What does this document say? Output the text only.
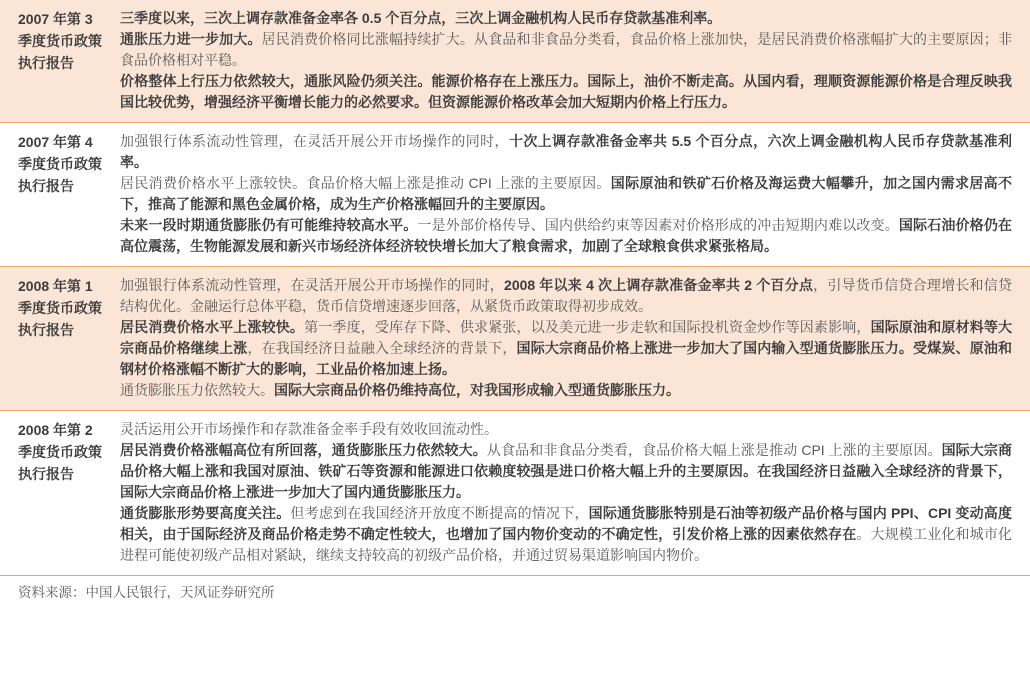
2007 年第 3 季度货币政策执行报告
三季度以来，三次上调存款准备金率各 0.5 个百分点，三次上调金融机构人民币存贷款基准利率。
通胀压力进一步加大。居民消费价格同比涨幅持续扩大。从食品和非食品分类看，食品价格上涨加快，是居民消费价格涨幅扩大的主要原因；非食品价格相对平稳。
价格整体上行压力依然较大，通胀风险仍须关注。能源价格存在上涨压力。国际上，油价不断走高。从国内看，理顺资源能源价格是合理反映我国比较优势，增强经济平衡增长能力的必然要求。但资源能源价格改革会加大短期内价格上行压力。
2007 年第 4 季度货币政策执行报告
加强银行体系流动性管理，在灵活开展公开市场操作的同时，十次上调存款准备金率共 5.5 个百分点，六次上调金融机构人民币存贷款基准利率。
居民消费价格水平上涨较快。食品价格大幅上涨是推动 CPI 上涨的主要原因。国际原油和铁矿石价格及海运费大幅攀升，加之国内需求居高不下，推高了能源和黑色金属价格，成为生产价格涨幅回升的主要原因。
未来一段时期通货膨胀仍有可能维持较高水平。一是外部价格传导、国内供给约束等因素对价格形成的冲击短期内难以改变。国际石油价格仍在高位震荡，生物能源发展和新兴市场经济体经济较快增长加大了粮食需求，加剧了全球粮食供求紧张格局。
2008 年第 1 季度货币政策执行报告
加强银行体系流动性管理，在灵活开展公开市场操作的同时，2008 年以来 4 次上调存款准备金率共 2 个百分点，引导货币信贷合理增长和信贷结构优化。金融运行总体平稳，货币信贷增速逐步回落，从紧货币政策取得初步成效。
居民消费价格水平上涨较快。第一季度，受库存下降、供求紧张，以及美元进一步走软和国际投机资金炒作等因素影响，国际原油和原材料等大宗商品价格继续上涨，在我国经济日益融入全球经济的背景下，国际大宗商品价格上涨进一步加大了国内输入型通货膨胀压力。受煤炭、原油和钢材价格涨幅不断扩大的影响，工业品价格加速上扬。
通货膨胀压力依然较大。国际大宗商品价格仍维持高位，对我国形成输入型通货膨胀压力。
2008 年第 2 季度货币政策执行报告
灵活运用公开市场操作和存款准备金率手段有效收回流动性。
居民消费价格涨幅高位有所回落，通货膨胀压力依然较大。从食品和非食品分类看，食品价格大幅上涨是推动 CPI 上涨的主要原因。国际大宗商品价格大幅上涨和我国对原油、铁矿石等资源和能源进口依赖度较强是进口价格大幅上升的主要原因。在我国经济日益融入全球经济的背景下，国际大宗商品价格上涨进一步加大了国内通货膨胀压力。
通货膨胀形势要高度关注。但考虑到在我国经济开放度不断提高的情况下，国际通货膨胀特别是石油等初级产品价格与国内 PPI、CPI 变动高度相关，由于国际经济及商品价格走势不确定性较大，也增加了国内物价变动的不确定性，引发价格上涨的因素依然存在。大规模工业化和城市化进程可能使初级产品相对紧缺，继续支持较高的初级产品价格，并通过贸易渠道影响国内物价。
资料来源：中国人民银行，天风证券研究所
